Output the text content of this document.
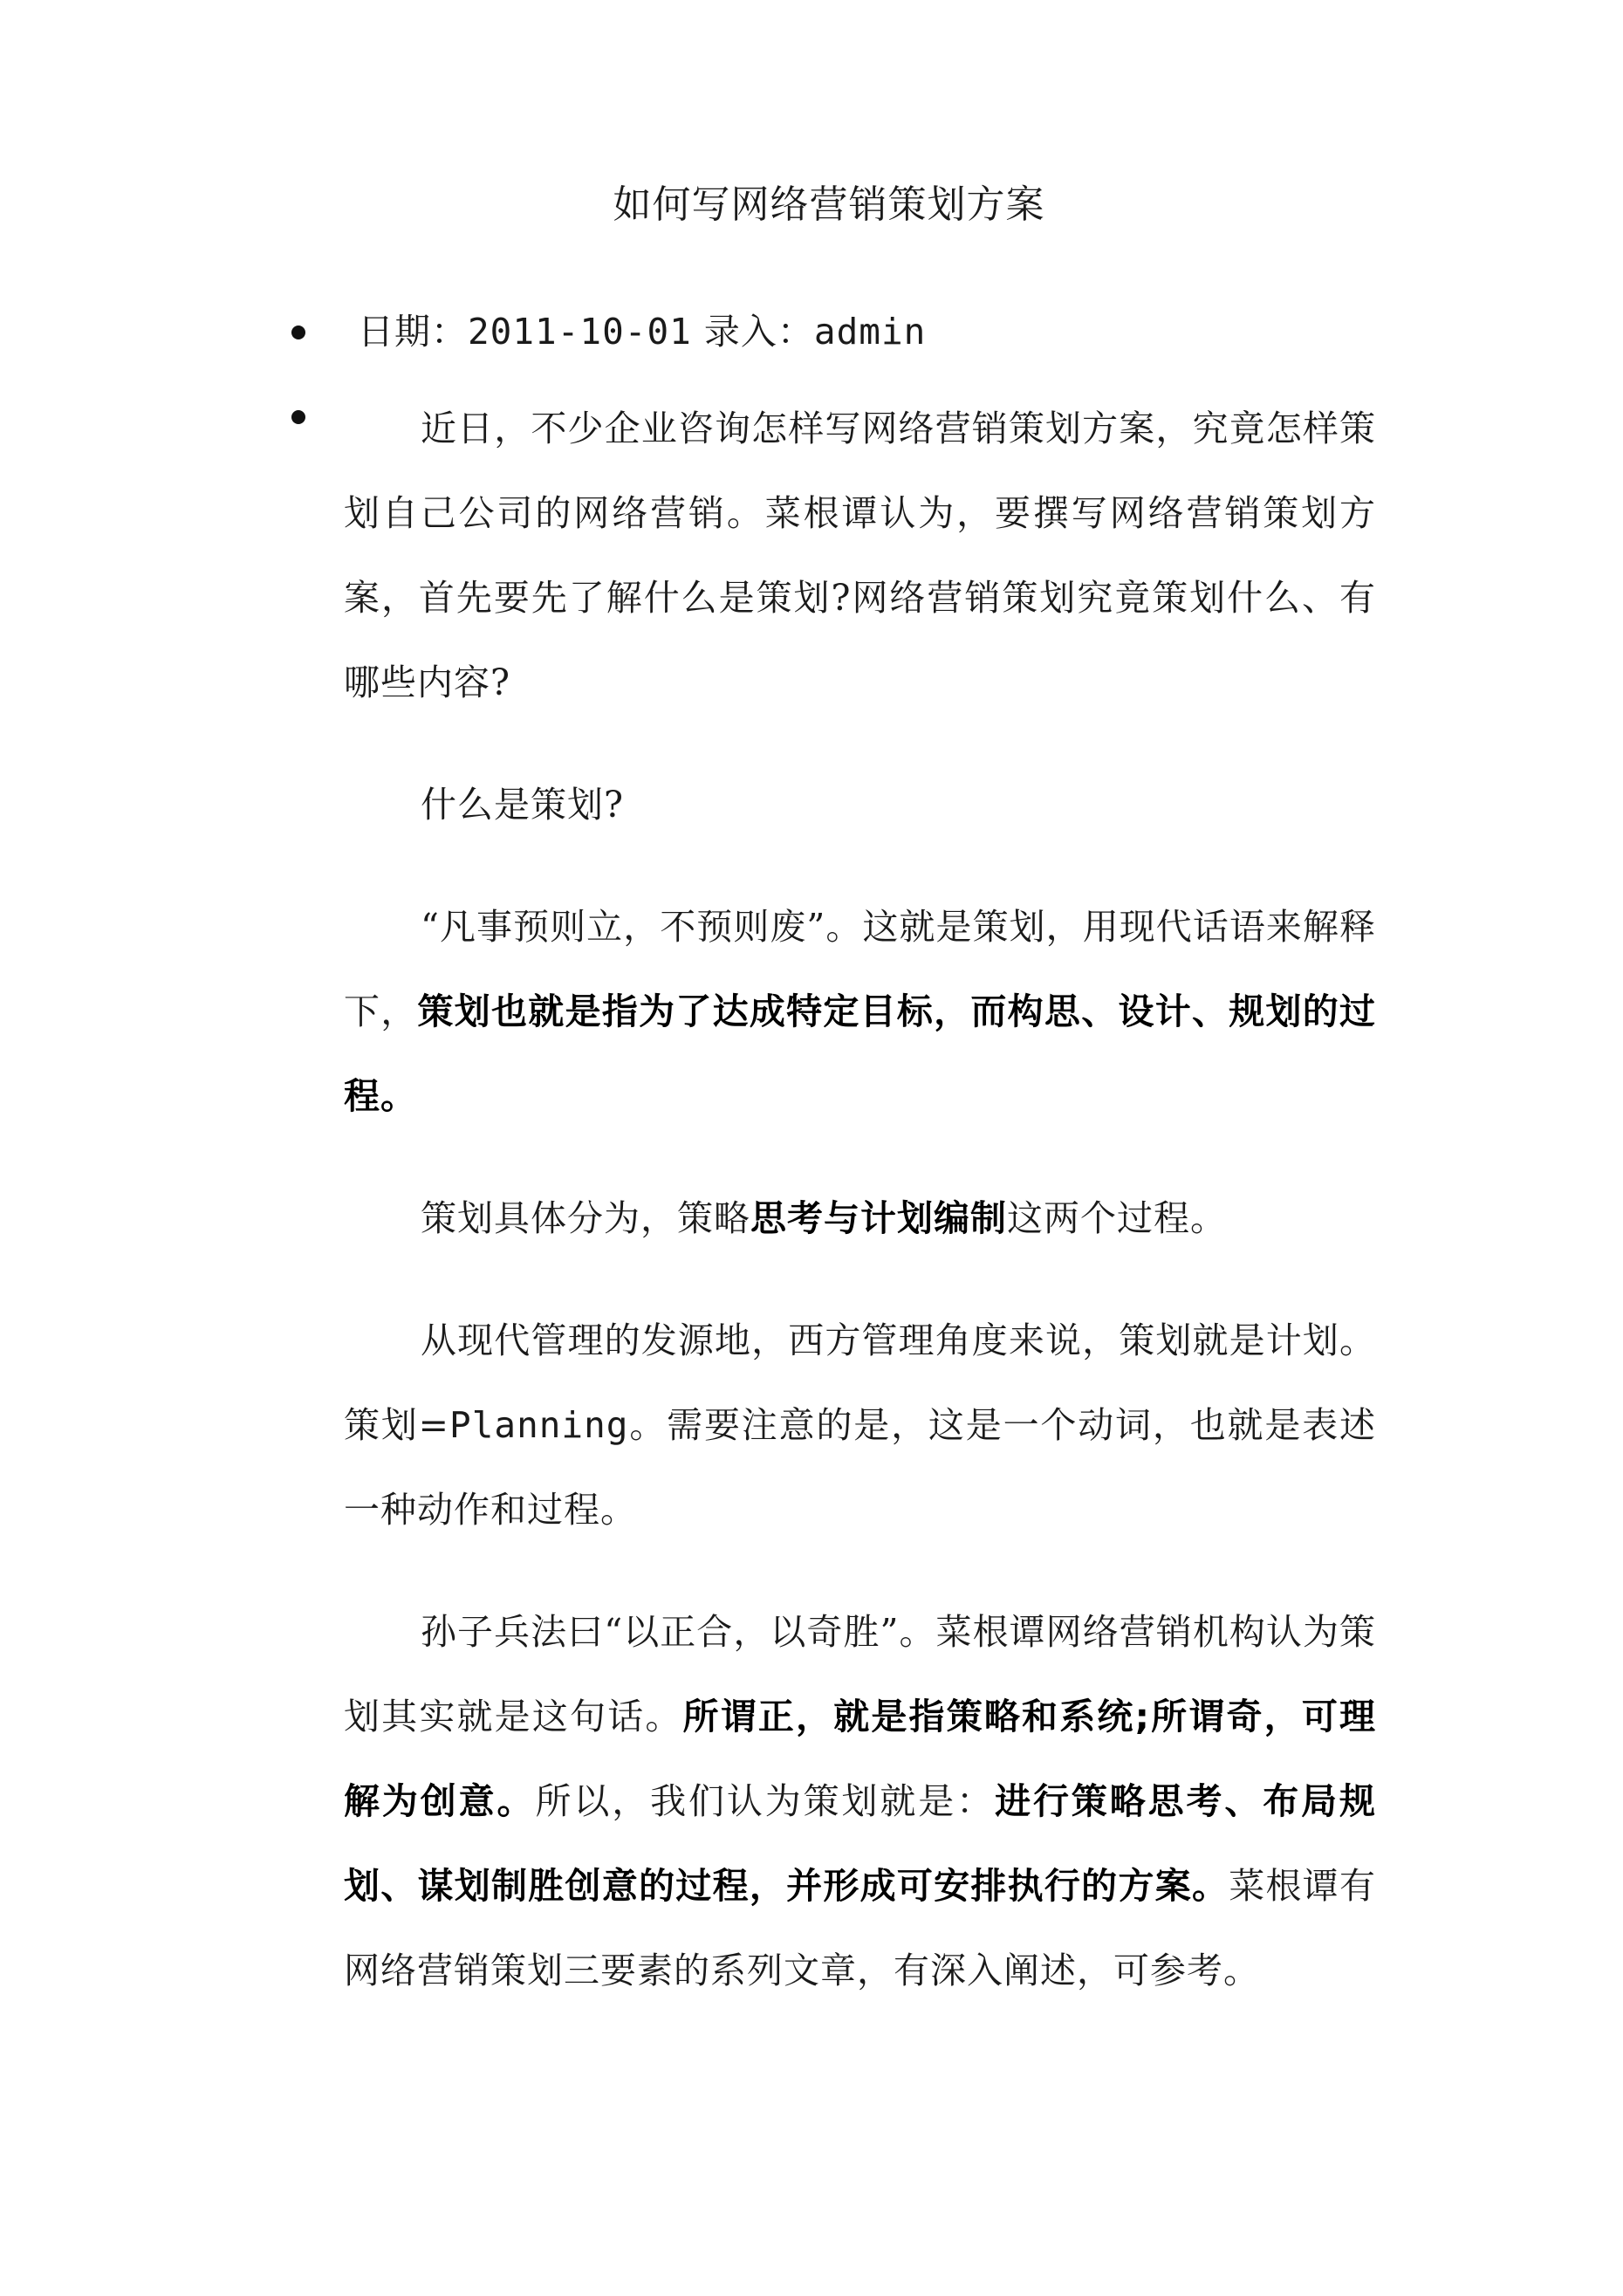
如何写网络营销策划方案
日期：2011-10-01 录入：admin

近日，不少企业咨询怎样写网络营销策划方案，究竟怎样策划自己公司的网络营销。菜根谭认为，要撰写网络营销策划方案，首先要先了解什么是策划?网络营销策划究竟策划什么、有哪些内容?

什么是策划?

“凡事预则立，不预则废”。这就是策划，用现代话语来解释下，策划也就是指为了达成特定目标，而构思、设计、规划的过程。

策划具体分为，策略思考与计划编制这两个过程。

从现代管理的发源地，西方管理角度来说，策划就是计划。策划=Planning。需要注意的是，这是一个动词，也就是表述一种动作和过程。

孙子兵法曰“以正合，以奇胜”。菜根谭网络营销机构认为策划其实就是这句话。所谓正，就是指策略和系统;所谓奇，可理解为创意。所以，我们认为策划就是：进行策略思考、布局规划、谋划制胜创意的过程，并形成可安排执行的方案。菜根谭有网络营销策划三要素的系列文章，有深入阐述，可参考。
